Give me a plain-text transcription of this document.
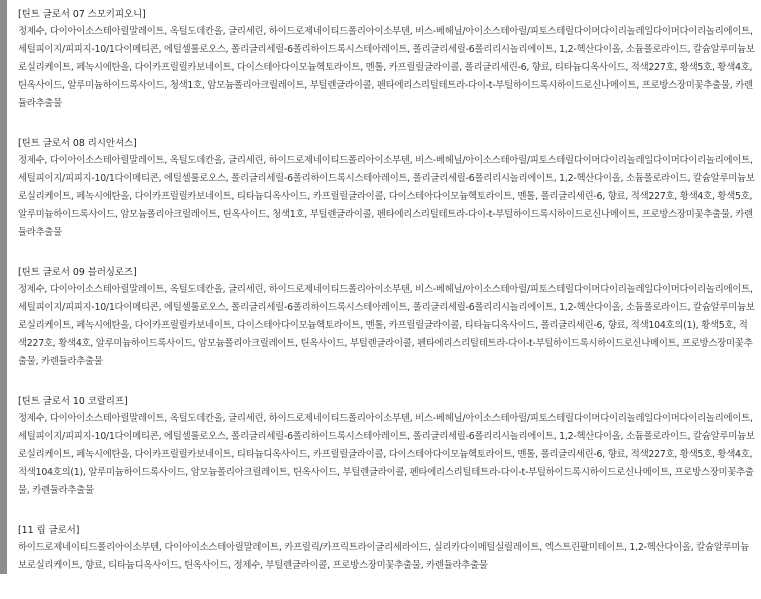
[틴트 글로서 07 스모키피오니]

정제수, 다이아이소스테아릴말레이트, 옥틸도데칸올, 글리세린, 하이드로제네이티드폴리아이소부텐, 비스-베헤닐/아이소스테아릴/피토스테릴다이머다이리놀레일다이머다이리놀리에이트, 세틸피이지/피피지-10/1다이메티콘, 에틸셀룰로오스, 폴리글리세릴-6폴리하이드록시스테아레이트, 폴리글리세릴-6폴리리시놀리에이트, 1,2-헥산다이올, 소듐폴로라이드, 칼슘알루미늄보로실리케이트, 페녹시에탄올, 다이카프릴릴카보네이트, 다이스테아다이모늄헥토라이트, 멘톨, 카프릴릴글라이콜, 폴리글리세린-6, 향료, 티타늄디옥사이드, 적색227호, 황색5호, 황색4호, 틴옥사이드, 알루미늄하이드록사이드, 청색1호, 암모늄폴리아크릴레이트, 부틸렌글라이콜, 펜타에리스리틸테트라-다이-t-부틸하이드록시하이드로신나메이트, 프로방스장미꽃추출물, 카렌듈라추출물

[틴트 글로서 08 리시안셔스]

정제수, 다이아이소스테아릴말레이트, 옥틸도데칸올, 글리세린, 하이드로제네이티드폴리아이소부텐, 비스-베헤닐/아이소스테아릴/피토스테릴다이머다이리놀레일다이머다이리놀리에이트, 세틸피이지/피피지-10/1다이메티콘, 에틸셀룰로오스, 폴리글리세릴-6폴리하이드록시스테아레이트, 폴리글리세릴-6폴리리시놀리에이트, 1,2-헥산다이올, 소듐폴로라이드, 칼슘알루미늄보로실리케이트, 페녹시에탄올, 다이카프릴릴카보네이트, 티타늄디옥사이드, 카프릴릴글라이콜, 다이스테아다이모늄헥토라이트, 멘톨, 폴리글리세린-6, 향료, 적색227호, 황색4호, 황색5호, 알루미늄하이드록사이드, 암모늄폴리아크릴레이트, 틴옥사이드, 청색1호, 부틸렌글라이콜, 펜타에리스리틸테트라-다이-t-부틸하이드록시하이드로신나메이트, 프로방스장미꽃추출물, 카렌듈라추출물

[틴트 글로서 09 블러싱로즈]

정제수, 다이아이소스테아릴말레이트, 옥틸도데칸올, 글리세린, 하이드로제네이티드폴리아이소부텐, 비스-베헤닐/아이소스테아릴/피토스테릴다이머다이리놀레일다이머다이리놀리에이트, 세틸피이지/피피지-10/1다이메티콘, 에틸셀룰로오스, 폴리글리세릴-6폴리하이드록시스테아레이트, 폴리글리세릴-6폴리리시놀리에이트, 1,2-헥산다이올, 소듐폴로라이드, 칼슘알루미늄보로실리케이트, 페녹시에탄올, 다이카프릴릴카보네이트, 다이스테아다이모늄헥토라이트, 멘톨, 카프릴릴글라이콜, 티타늄디옥사이드, 폴리글리세린-6, 향료, 적색104호의(1), 황색5호, 적색227호, 황색4호, 알루미늄하이드록사이드, 암모늄폴리아크릴레이트, 틴옥사이드, 부틸렌글라이콜, 펜타에리스리틸테트라-다이-t-부틸하이드록시하이드로신나메이트, 프로방스장미꽃추출물, 카렌듈라추출물

[틴트 글로서 10 코랄리프]

정제수, 다이아이소스테아릴말레이트, 옥틸도데칸올, 글리세린, 하이드로제네이티드폴리아이소부텐, 비스-베헤닐/아이소스테아릴/피토스테릴다이머다이리놀레일다이머다이리놀리에이트, 세틸피이지/피피지-10/1다이메티콘, 에틸셀룰로오스, 폴리글리세릴-6폴리하이드록시스테아레이트, 폴리글리세릴-6폴리리시놀리에이트, 1,2-헥산다이올, 소듐폴로라이드, 칼슘알루미늄보로실리케이트, 페녹시에탄올, 다이카프릴릴카보네이트, 티타늄디옥사이드, 카프릴릴글라이콜, 다이스테아다이모늄헥토라이트, 멘톨, 폴리글리세린-6, 향료, 적색227호, 황색5호, 황색4호, 적색104호의(1), 알루미늄하이드록사이드, 암모늄폴리아크릴레이트, 틴옥사이드, 부틸렌글라이콜, 펜타에리스리틸테트라-다이-t-부틸하이드록시하이드로신나메이트, 프로방스장미꽃추출물, 카렌듈라추출물

[11 립 글로서]

하이드로제네이티드폴리아이소부텐, 다이아이소스테아릴말레이트, 카프릴릭/카프릭트라이글리세라이드, 실리카다이메틸실릴레이트, 엑스트린팔미테이트, 1,2-헥산다이올, 칼슘알루미늄보로실리케이트, 향료, 티타늄디옥사이드, 틴옥사이드, 정제수, 부틸렌글라이콜, 프로방스장미꽃추출물, 카렌듈라추출물
